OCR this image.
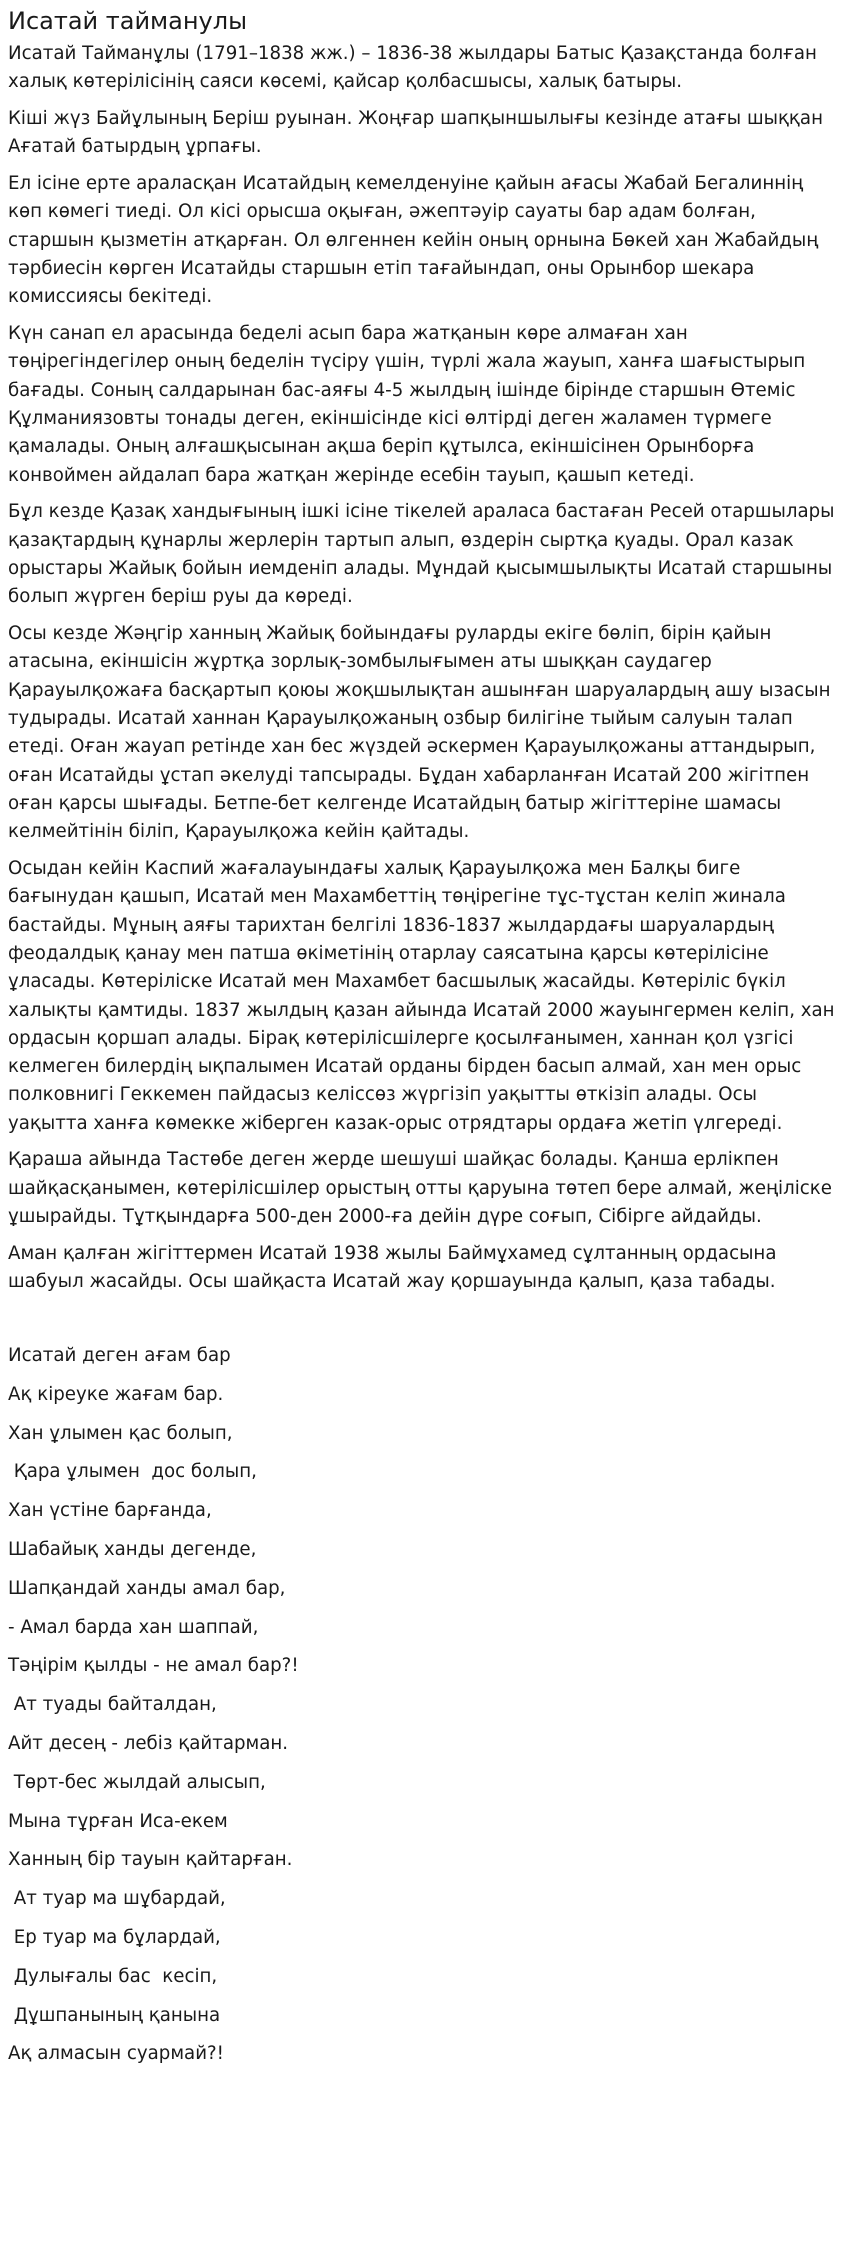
Исатай тайманулы

Исатай Тайманұлы (1791–1838 жж.) – 1836-38 жылдары Батыс Қазақстанда болған халық көтерілісінің саяси көсемі, қайсар қолбасшысы, халық батыры.

Кіші жүз Байұлының Беріш руынан. Жоңғар шапқыншылығы кезінде атағы шыққан Ағатай батырдың ұрпағы.

Ел ісіне ерте араласқан Исатайдың кемелденуіне қайын ағасы Жабай Бегалиннің көп көмегі тиеді. Ол кісі орысша оқыған, әжептәуір сауаты бар адам болған, старшын қызметін атқарған. Ол өлгеннен кейін оның орнына Бөкей хан Жабайдың тәрбиесін көрген Исатайды старшын етіп тағайындап, оны Орынбор шекара комиссиясы бекітеді.

Күн санап ел арасында беделі асып бара жатқанын көре алмаған хан төңірегіндегілер оның беделін түсіру үшін, түрлі жала жауып, ханға шағыстырып бағады. Соның салдарынан бас-аяғы 4-5 жылдың ішінде бірінде старшын Өтеміс Құлманиязовты тонады деген, екіншісінде кісі өлтірді деген жаламен түрмеге қамалады. Оның алғашқысынан ақша беріп құтылса, екіншісінен Орынборға конвоймен айдалап бара жатқан жерінде есебін тауып, қашып кетеді.

Бұл кезде Қазақ хандығының ішкі ісіне тікелей араласа бастаған Ресей отаршылары қазақтардың құнарлы жерлерін тартып алып, өздерін сыртқа қуады. Орал казак орыстары Жайық бойын иемденіп алады. Мұндай қысымшылықты Исатай старшыны болып жүрген беріш руы да көреді.

Осы кезде Жәңгір ханның Жайық бойындағы руларды екіге бөліп, бірін қайын атасына, екіншісін жұртқа зорлық-зомбылығымен аты шыққан саудагер Қарауылқожаға басқартып қоюы жоқшылықтан ашынған шаруалардың ашу ызасын тудырады. Исатай ханнан Қарауылқожаның озбыр билігіне тыйым салуын талап етеді. Оған жауап ретінде хан бес жүздей әскермен Қарауылқожаны аттандырып, оған Исатайды ұстап әкелуді тапсырады. Бұдан хабарланған Исатай 200 жігітпен оған қарсы шығады. Бетпе-бет келгенде Исатайдың батыр жігіттеріне шамасы келмейтінін біліп, Қарауылқожа кейін қайтады.

Осыдан кейін Каспий жағалауындағы халық Қарауылқожа мен Балқы биге бағынудан қашып, Исатай мен Махамбеттің төңірегіне тұс-тұстан келіп жинала бастайды. Мұның аяғы тарихтан белгілі 1836-1837 жылдардағы шаруалардың феодалдық қанау мен патша өкіметінің отарлау саясатына қарсы көтерілісіне ұласады. Көтеріліске Исатай мен Махамбет басшылық жасайды. Көтеріліс бүкіл халықты қамтиды. 1837 жылдың қазан айында Исатай 2000 жауынгермен келіп, хан ордасын қоршап алады. Бірақ көтерілісшілерге қосылғанымен, ханнан қол үзгісі келмеген билердің ықпалымен Исатай орданы бірден басып алмай, хан мен орыс полковнигі Геккемен пайдасыз келіссөз жүргізіп уақытты өткізіп алады. Осы уақытта ханға көмекке жіберген казак-орыс отрядтары ордаға жетіп үлгереді.

Қараша айында Тастөбе деген жерде шешуші шайқас болады. Қанша ерлікпен шайқасқанымен, көтерілісшілер орыстың отты қаруына төтеп бере алмай, жеңіліске ұшырайды. Тұтқындарға 500-ден 2000-ға дейін дүре соғып, Сібірге айдайды.

Аман қалған жігіттермен Исатай 1938 жылы Баймұхамед сұлтанның ордасына шабуыл жасайды. Осы шайқаста Исатай жау қоршауында қалып, қаза табады.

Исатай деген ағам бар

Ақ кіреуке жағам бар.

Хан ұлымен қас болып,

Қара ұлымен  дос болып,

Хан үстіне барғанда,

Шабайық ханды дегенде,

Шапқандай ханды амал бар,

- Амал барда хан шаппай,

Тәңірім қылды - не амал бар?!

Ат туады байталдан,

Айт десең - лебіз қайтарман.

Төрт-бес жылдай алысып,

Мына тұрған Иса-екем

Ханның бір тауын қайтарған.

Ат туар ма шұбардай,

Ер туар ма бұлардай,

Дулығалы бас  кесіп,

Дұшпанының қанына

Ақ алмасын суармай?!
